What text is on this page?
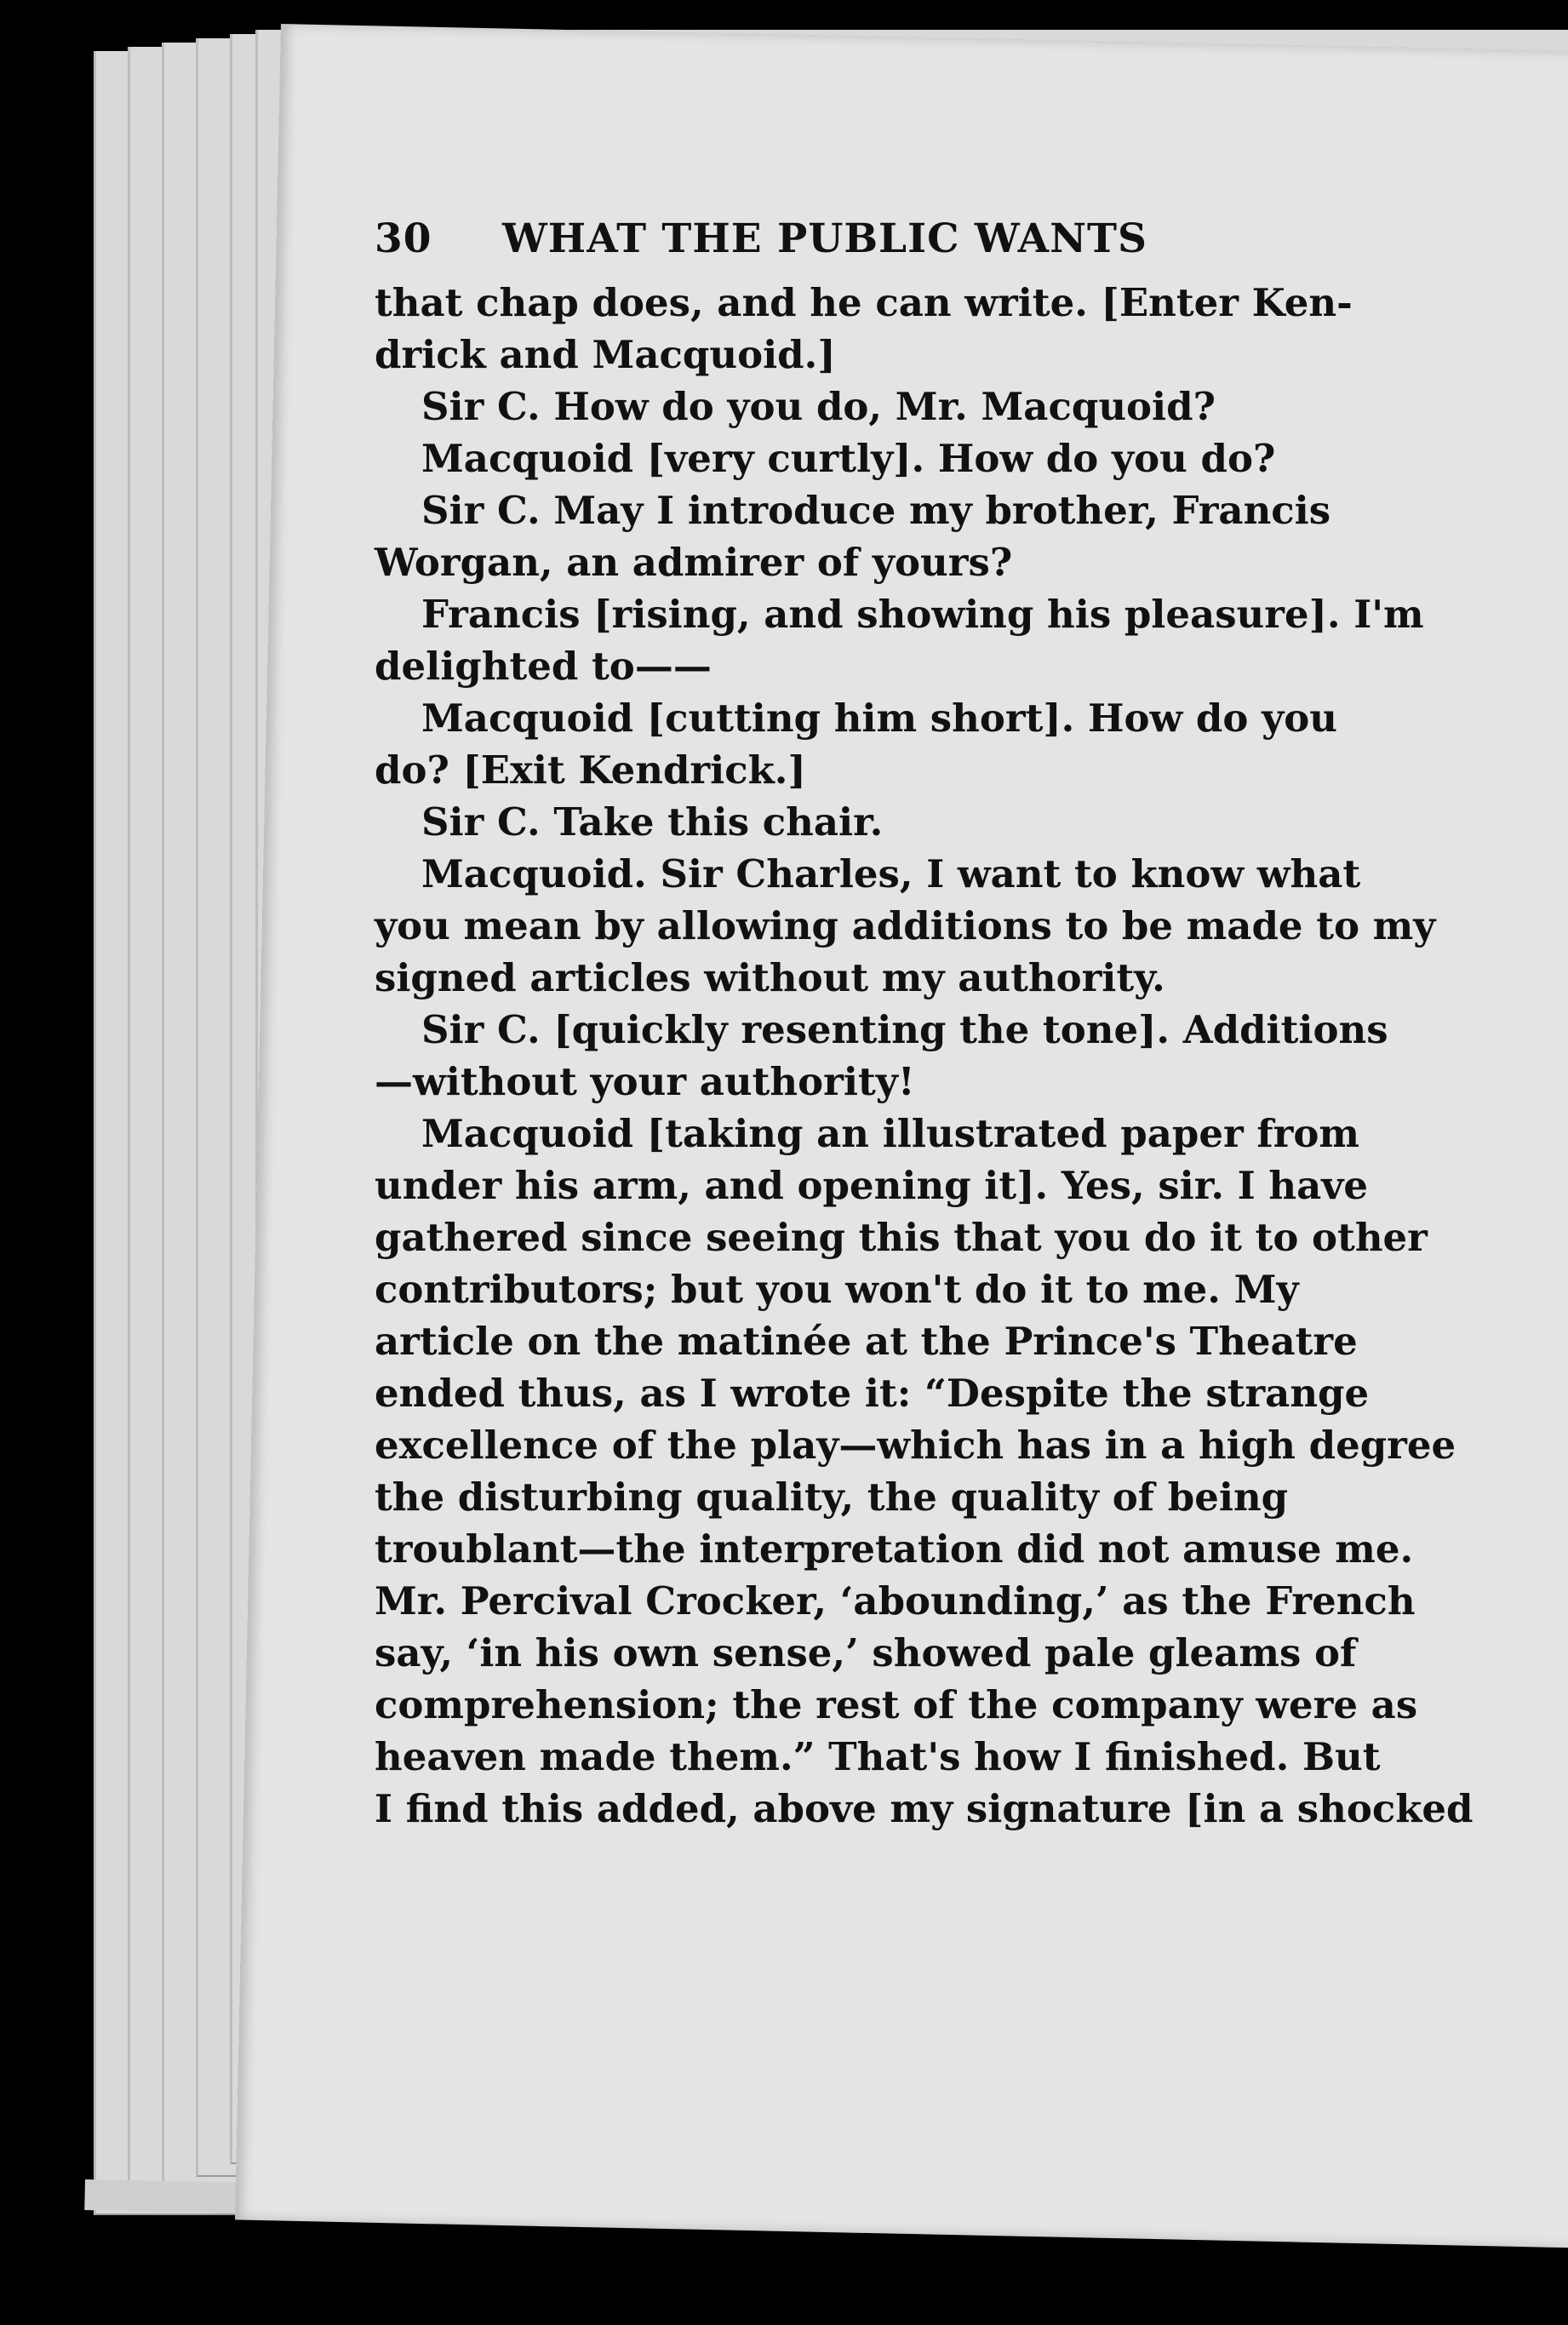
30	WHAT THE PUBLIC WANTS
that chap does, and he can write. [Enter Ken-
drick and Macquoid.]
Sir C. How do you do, Mr. Macquoid?
Macquoid [very curtly]. How do you do?
Sir C. May I introduce my brother, Francis
Worgan, an admirer of yours?
Francis [rising, and showing his pleasure]. I'm
delighted to——
Macquoid [cutting him short]. How do you
do? [Exit Kendrick.]
Sir C. Take this chair.
Macquoid. Sir Charles, I want to know what
you mean by allowing additions to be made to my
signed articles without my authority.
Sir C. [quickly resenting the tone]. Additions
—without your authority!
Macquoid [taking an illustrated paper from
under his arm, and opening it]. Yes, sir. I have
gathered since seeing this that you do it to other
contributors; but you won't do it to me. My
article on the matinée at the Prince's Theatre
ended thus, as I wrote it: “Despite the strange
excellence of the play—which has in a high degree
the disturbing quality, the quality of being
troublant—the interpretation did not amuse me.
Mr. Percival Crocker, ‘abounding,’ as the French
say, ‘in his own sense,’ showed pale gleams of
comprehension; the rest of the company were as
heaven made them.” That's how I finished. But
I find this added, above my signature [in a shocked
